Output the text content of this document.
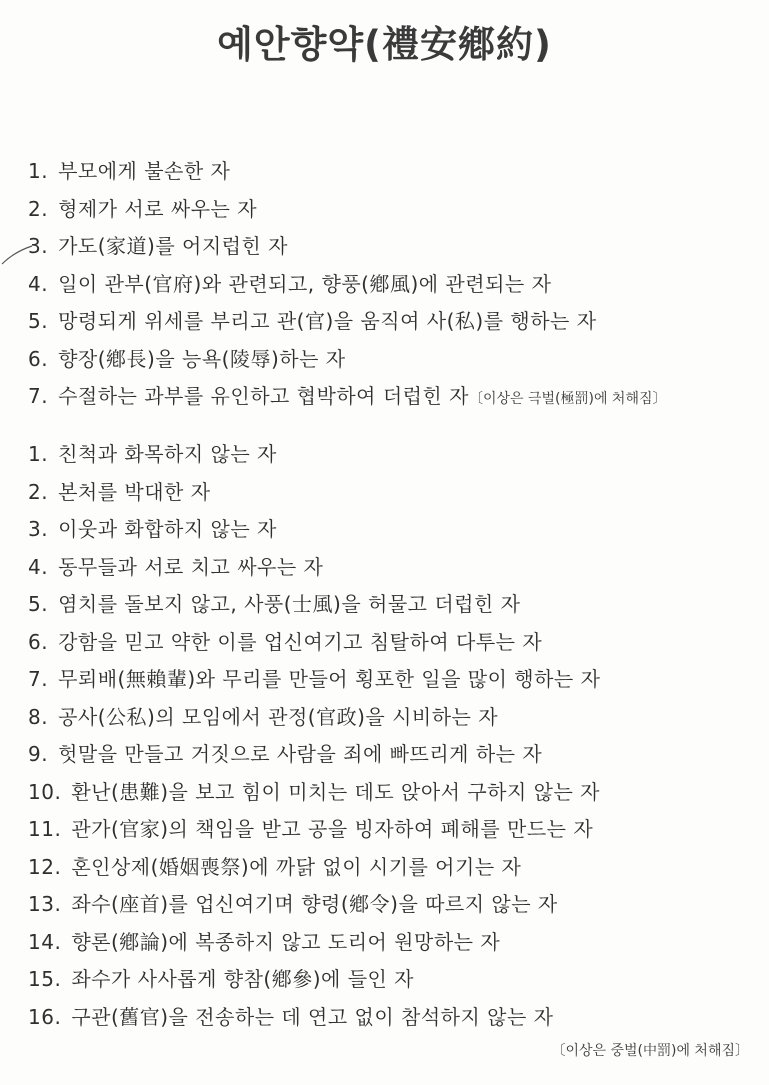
예안향약(禮安鄕約)
1. 부모에게 불손한 자
2. 형제가 서로 싸우는 자
3. 가도(家道)를 어지럽힌 자
4. 일이 관부(官府)와 관련되고, 향풍(鄕風)에 관련되는 자
5. 망령되게 위세를 부리고 관(官)을 움직여 사(私)를 행하는 자
6. 향장(鄕長)을 능욕(陵辱)하는 자
7. 수절하는 과부를 유인하고 협박하여 더럽힌 자〔이상은 극벌(極罰)에 처해짐〕
1. 친척과 화목하지 않는 자
2. 본처를 박대한 자
3. 이웃과 화합하지 않는 자
4. 동무들과 서로 치고 싸우는 자
5. 염치를 돌보지 않고, 사풍(士風)을 허물고 더럽힌 자
6. 강함을 믿고 약한 이를 업신여기고 침탈하여 다투는 자
7. 무뢰배(無賴輩)와 무리를 만들어 횡포한 일을 많이 행하는 자
8. 공사(公私)의 모임에서 관정(官政)을 시비하는 자
9. 헛말을 만들고 거짓으로 사람을 죄에 빠뜨리게 하는 자
10. 환난(患難)을 보고 힘이 미치는 데도 앉아서 구하지 않는 자
11. 관가(官家)의 책임을 받고 공을 빙자하여 폐해를 만드는 자
12. 혼인상제(婚姻喪祭)에 까닭 없이 시기를 어기는 자
13. 좌수(座首)를 업신여기며 향령(鄕令)을 따르지 않는 자
14. 향론(鄕論)에 복종하지 않고 도리어 원망하는 자
15. 좌수가 사사롭게 향참(鄕參)에 들인 자
16. 구관(舊官)을 전송하는 데 연고 없이 참석하지 않는 자
〔이상은 중벌(中罰)에 처해짐〕
